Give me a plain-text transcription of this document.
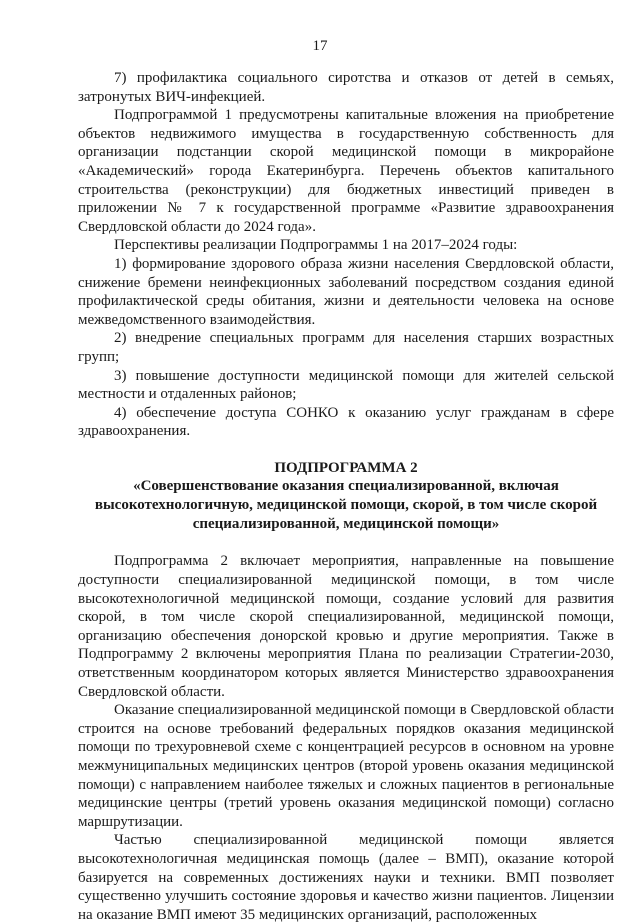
17

7) профилактика социального сиротства и отказов от детей в семьях, затронутых ВИЧ-инфекцией.

Подпрограммой 1 предусмотрены капитальные вложения на приобретение объектов недвижимого имущества в государственную собственность для организации подстанции скорой медицинской помощи в микрорайоне «Академический» города Екатеринбурга. Перечень объектов капитального строительства (реконструкции) для бюджетных инвестиций приведен в приложении № 7 к государственной программе «Развитие здравоохранения Свердловской области до 2024 года».

Перспективы реализации Подпрограммы 1 на 2017–2024 годы:

1) формирование здорового образа жизни населения Свердловской области, снижение бремени неинфекционных заболеваний посредством создания единой профилактической среды обитания, жизни и деятельности человека на основе межведомственного взаимодействия.

2) внедрение специальных программ для населения старших возрастных групп;

3) повышение доступности медицинской помощи для жителей сельской местности и отдаленных районов;

4) обеспечение доступа СОНКО к оказанию услуг гражданам в сфере здравоохранения.

ПОДПРОГРАММА 2
«Совершенствование оказания специализированной, включая высокотехнологичную, медицинской помощи, скорой, в том числе скорой специализированной, медицинской помощи»

Подпрограмма 2 включает мероприятия, направленные на повышение доступности специализированной медицинской помощи, в том числе высокотехнологичной медицинской помощи, создание условий для развития скорой, в том числе скорой специализированной, медицинской помощи, организацию обеспечения донорской кровью и другие мероприятия. Также в Подпрограмму 2 включены мероприятия Плана по реализации Стратегии-2030, ответственным координатором которых является Министерство здравоохранения Свердловской области.

Оказание специализированной медицинской помощи в Свердловской области строится на основе требований федеральных порядков оказания медицинской помощи по трехуровневой схеме с концентрацией ресурсов в основном на уровне межмуниципальных медицинских центров (второй уровень оказания медицинской помощи) с направлением наиболее тяжелых и сложных пациентов в региональные медицинские центры (третий уровень оказания медицинской помощи) согласно маршрутизации.

Частью специализированной медицинской помощи является высокотехнологичная медицинская помощь (далее – ВМП), оказание которой базируется на современных достижениях науки и техники. ВМП позволяет существенно улучшить состояние здоровья и качество жизни пациентов. Лицензии на оказание ВМП имеют 35 медицинских организаций, расположенных
